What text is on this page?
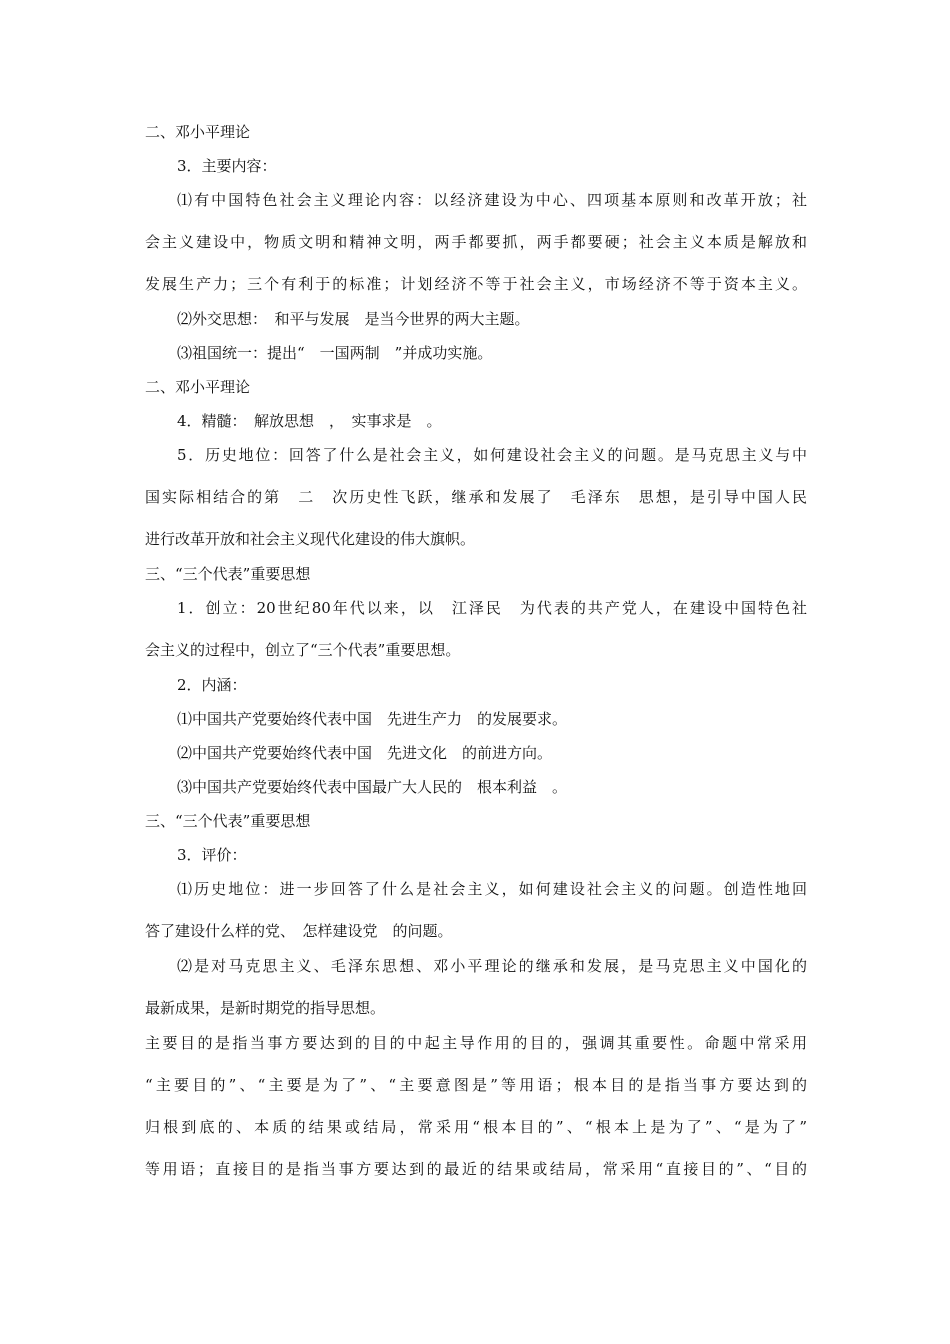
二、邓小平理论
3．主要内容：
⑴有中国特色社会主义理论内容：以经济建设为中心、四项基本原则和改革开放；社
会主义建设中，物质文明和精神文明，两手都要抓，两手都要硬；社会主义本质是解放和
发展生产力；三个有利于的标准；计划经济不等于社会主义，市场经济不等于资本主义。
⑵外交思想：　和平与发展　是当今世界的两大主题。
⑶祖国统一：提出“　一国两制　”并成功实施。
二、邓小平理论
4．精髓：　解放思想　，　实事求是　。
5．历史地位：回答了什么是社会主义，如何建设社会主义的问题。是马克思主义与中
国实际相结合的第　二　次历史性飞跃，继承和发展了　毛泽东　思想，是引导中国人民
进行改革开放和社会主义现代化建设的伟大旗帜。
三、“三个代表”重要思想
1．创立：20世纪80年代以来，以　江泽民　为代表的共产党人，在建设中国特色社
会主义的过程中，创立了“三个代表”重要思想。
2．内涵：
⑴中国共产党要始终代表中国　先进生产力　的发展要求。
⑵中国共产党要始终代表中国　先进文化　的前进方向。
⑶中国共产党要始终代表中国最广大人民的　根本利益　。
三、“三个代表”重要思想
3．评价：
⑴历史地位：进一步回答了什么是社会主义，如何建设社会主义的问题。创造性地回
答了建设什么样的党、　怎样建设党　的问题。
⑵是对马克思主义、毛泽东思想、邓小平理论的继承和发展，是马克思主义中国化的
最新成果，是新时期党的指导思想。
主要目的是指当事方要达到的目的中起主导作用的目的，强调其重要性。命题中常采用
“主要目的”、“主要是为了”、“主要意图是”等用语；根本目的是指当事方要达到的
归根到底的、本质的结果或结局，常采用“根本目的”、“根本上是为了”、“是为了”
等用语；直接目的是指当事方要达到的最近的结果或结局，常采用“直接目的”、“目的
